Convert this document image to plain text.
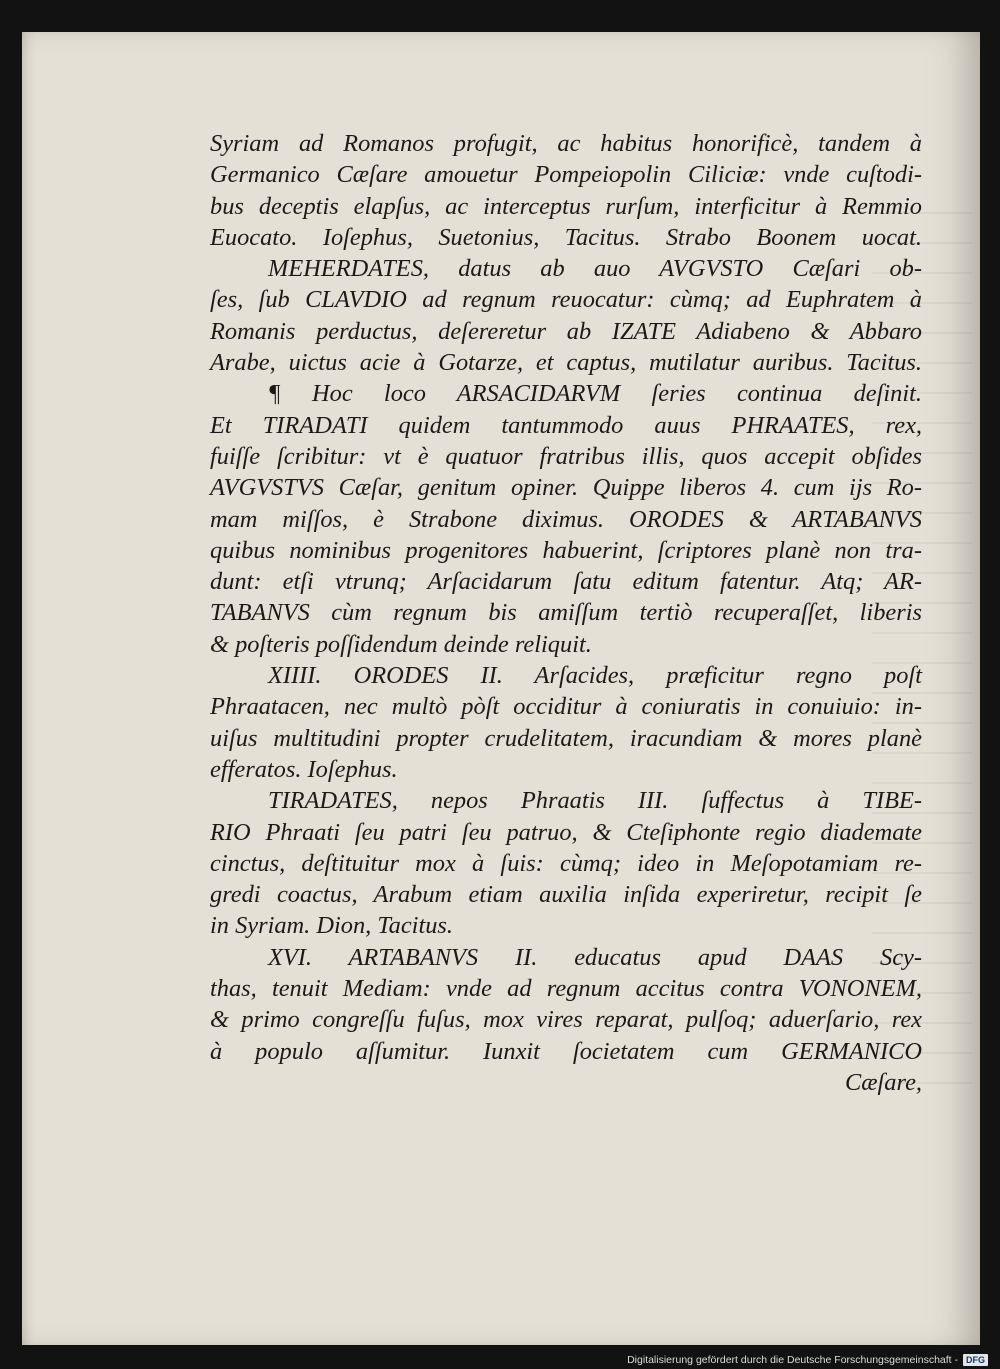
Syriam ad Romanos profugit, ac habitus honorificè, tandem à
Germanico Cæſare amouetur Pompeiopolin Ciliciæ: vnde cuſtodi-
bus deceptis elapſus, ac interceptus rurſum, interficitur à Remmio
Euocato. Ioſephus, Suetonius, Tacitus. Strabo Boonem uocat.
MEHERDATES, datus ab auo AVGVSTO Cæſari ob-
ſes, ſub CLAVDIO ad regnum reuocatur: cùmq; ad Euphratem à
Romanis perductus, deſereretur ab IZATE Adiabeno & Abbaro
Arabe, uictus acie à Gotarze, et captus, mutilatur auribus. Tacitus.
¶ Hoc loco ARSACIDARVM ſeries continua deſinit.
Et TIRADATI quidem tantummodo auus PHRAATES, rex,
fuiſſe ſcribitur: vt è quatuor fratribus illis, quos accepit obſides
AVGVSTVS Cæſar, genitum opiner. Quippe liberos 4. cum ijs Ro-
mam miſſos, è Strabone diximus. ORODES & ARTABANVS
quibus nominibus progenitores habuerint, ſcriptores planè non tra-
dunt: etſi vtrunq; Arſacidarum ſatu editum fatentur. Atq; AR-
TABANVS cùm regnum bis amiſſum tertiò recuperaſſet, liberis
& poſteris poſſidendum deinde reliquit.
XIIII. ORODES II. Arſacides, præficitur regno poſt
Phraatacen, nec multò pòſt occiditur à coniuratis in conuiuio: in-
uiſus multitudini propter crudelitatem, iracundiam & mores planè
efferatos. Ioſephus.
TIRADATES, nepos Phraatis III. ſuffectus à TIBE-
RIO Phraati ſeu patri ſeu patruo, & Cteſiphonte regio diademate
cinctus, deſtituitur mox à ſuis: cùmq; ideo in Meſopotamiam re-
gredi coactus, Arabum etiam auxilia inſida experiretur, recipit ſe
in Syriam. Dion, Tacitus.
XVI. ARTABANVS II. educatus apud DAAS Scy-
thas, tenuit Mediam: vnde ad regnum accitus contra VONONEM,
& primo congreſſu fuſus, mox vires reparat, pulſoq; aduerſario, rex
à populo aſſumitur. Iunxit ſocietatem cum GERMANICO
Cæſare,
Digitalisierung gefördert durch die Deutsche Forschungsgemeinschaft - DFG
